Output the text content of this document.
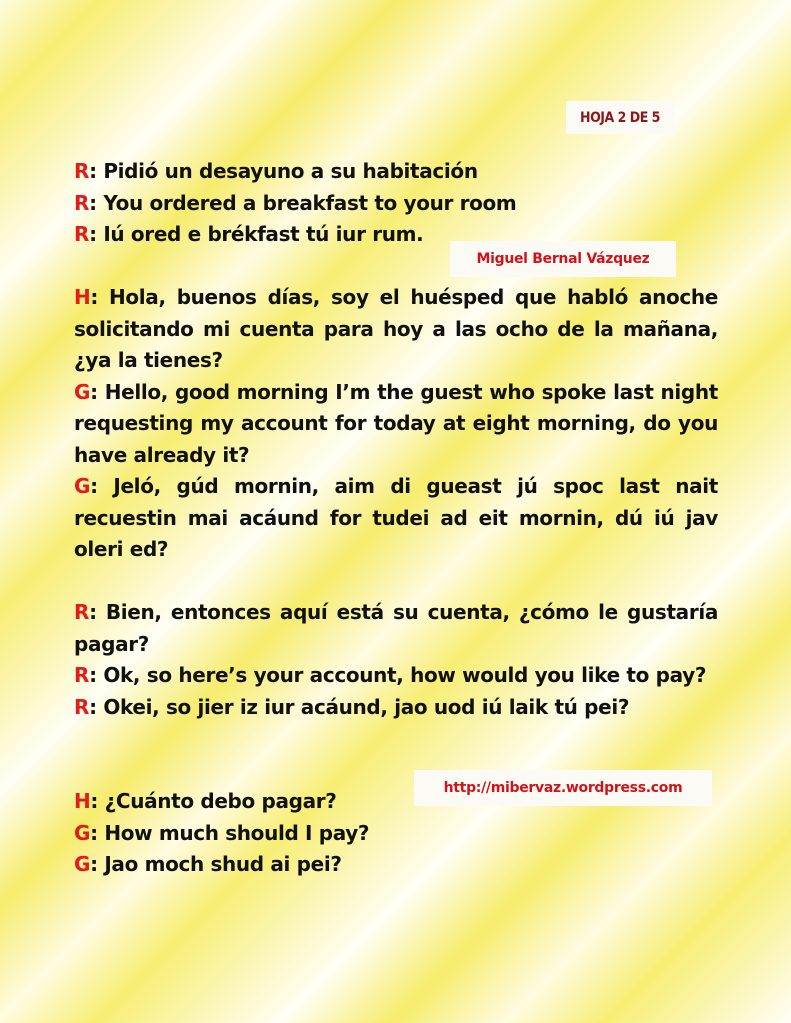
HOJA 2 DE 5
Miguel Bernal Vázquez
http://mibervaz.wordpress.com

R: Pidió un desayuno a su habitación

R: You ordered a breakfast to your room

R: Iú ored e brékfast tú iur rum.

H: Hola, buenos días, soy el huésped que habló anoche solicitando mi cuenta para hoy a las ocho de la mañana, ¿ya la tienes?

G: Hello, good morning I’m the guest who spoke last night requesting my account for today at eight morning, do you have already it?

G: Jeló, gúd mornin, aim di gueast jú spoc last nait recuestin mai acáund for tudei ad eit mornin, dú iú jav oleri ed?

R: Bien, entonces aquí está su cuenta, ¿cómo le gustaría pagar?

R: Ok, so here’s your account, how would you like to pay?

R: Okei, so jier iz iur acáund, jao uod iú laik tú pei?

H: ¿Cuánto debo pagar?

G: How much should I pay?

G: Jao moch shud ai pei?
